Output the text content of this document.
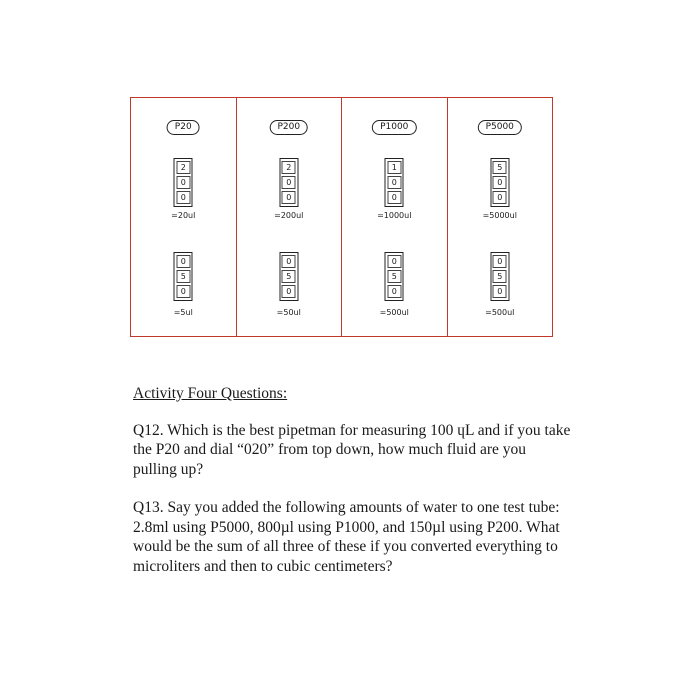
P20
2
0
0
=20ul
0
5
0
=5ul
P200
2
0
0
=200ul
0
5
0
=50ul
P1000
1
0
0
=1000ul
0
5
0
=500ul
P5000
5
0
0
=5000ul
0
5
0
=500ul

Activity Four Questions:

Q12. Which is the best pipetman for measuring 100 ɥL and if you take the P20 and dial “020” from top down, how much fluid are you pulling up?

Q13. Say you added the following amounts of water to one test tube: 2.8ml using P5000, 800µl using P1000, and 150µl using P200. What would be the sum of all three of these if you converted everything to microliters and then to cubic centimeters?
